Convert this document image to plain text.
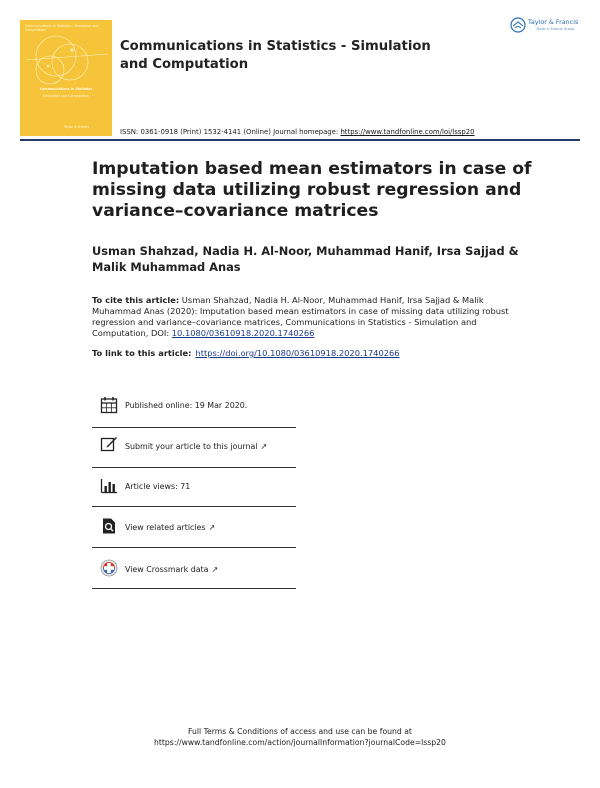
Communications in Statistics - Simulation and Computation
Communications in Statistics
Simulation and Computation
Taylor & Francis
Communications in Statistics - Simulation and Computation
Taylor & Francis
Taylor & Francis Group
ISSN: 0361-0918 (Print) 1532-4141 (Online) Journal homepage: https://www.tandfonline.com/loi/lssp20
Imputation based mean estimators in case of missing data utilizing robust regression and variance–covariance matrices
Usman Shahzad, Nadia H. Al-Noor, Muhammad Hanif, Irsa Sajjad & Malik Muhammad Anas
To cite this article: Usman Shahzad, Nadia H. Al-Noor, Muhammad Hanif, Irsa Sajjad & Malik Muhammad Anas (2020): Imputation based mean estimators in case of missing data utilizing robust regression and variance–covariance matrices, Communications in Statistics - Simulation and Computation, DOI: 10.1080/03610918.2020.1740266
To link to this article: https://doi.org/10.1080/03610918.2020.1740266
Published online: 19 Mar 2020.
Submit your article to this journal ↗
Article views: 71
View related articles ↗
View Crossmark data ↗
Full Terms & Conditions of access and use can be found at
https://www.tandfonline.com/action/journalInformation?journalCode=lssp20
